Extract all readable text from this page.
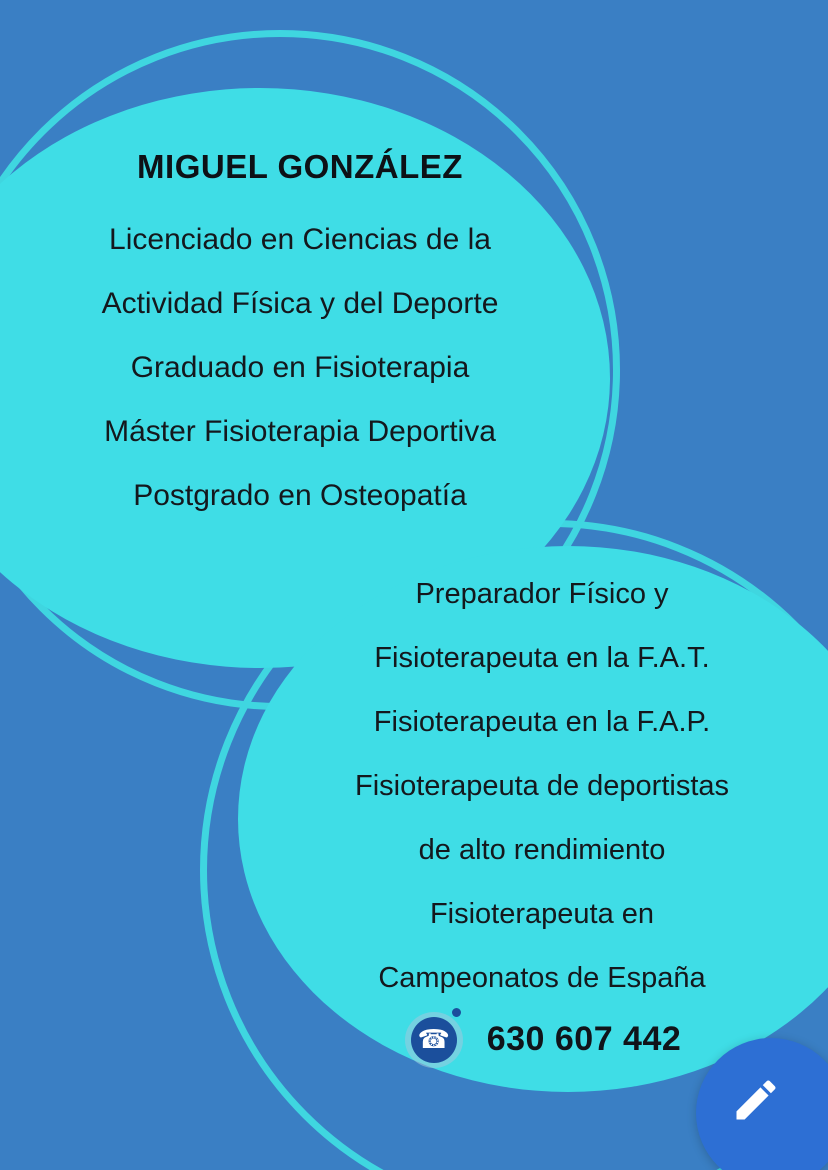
MIGUEL GONZÁLEZ
Licenciado en Ciencias de la
Actividad Física y del Deporte
Graduado en Fisioterapia
Máster Fisioterapia Deportiva
Postgrado en Osteopatía
Preparador Físico y
Fisioterapeuta en la F.A.T.
Fisioterapeuta en la F.A.P.
Fisioterapeuta de deportistas
de alto rendimiento
Fisioterapeuta en
Campeonatos de España
☎ 630 607 442
